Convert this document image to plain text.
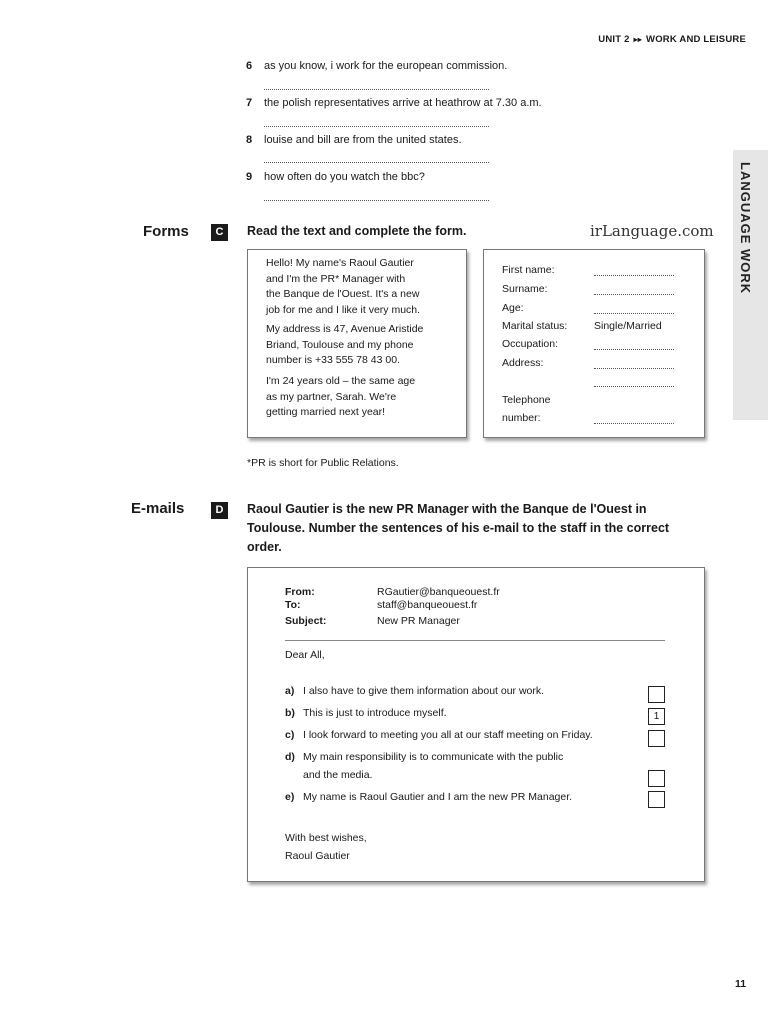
UNIT 2 ▸▸ WORK AND LEISURE
LANGUAGE WORK
6 as you know, i work for the european commission.
7 the polish representatives arrive at heathrow at 7.30 a.m.
8 louise and bill are from the united states.
9 how often do you watch the bbc?
Forms	C	Read the text and complete the form.	irLanguage.com
Hello! My name's Raoul Gautier
and I'm the PR* Manager with
the Banque de l'Ouest. It's a new
job for me and I like it very much.
My address is 47, Avenue Aristide
Briand, Toulouse and my phone
number is +33 555 78 43 00.
I'm 24 years old – the same age
as my partner, Sarah. We're
getting married next year!
First name:
Surname:
Age:
Marital status:	Single/Married
Occupation:
Address:
Telephone
number:
*PR is short for Public Relations.
E-mails	D	Raoul Gautier is the new PR Manager with the Banque de l'Ouest in
Toulouse. Number the sentences of his e-mail to the staff in the correct
order.
From:	RGautier@banqueouest.fr
To:	staff@banqueouest.fr
Subject:	New PR Manager
Dear All,
a) I also have to give them information about our work.
b) This is just to introduce myself.	1
c) I look forward to meeting you all at our staff meeting on Friday.
d) My main responsibility is to communicate with the public
and the media.
e) My name is Raoul Gautier and I am the new PR Manager.
With best wishes,
Raoul Gautier
11
